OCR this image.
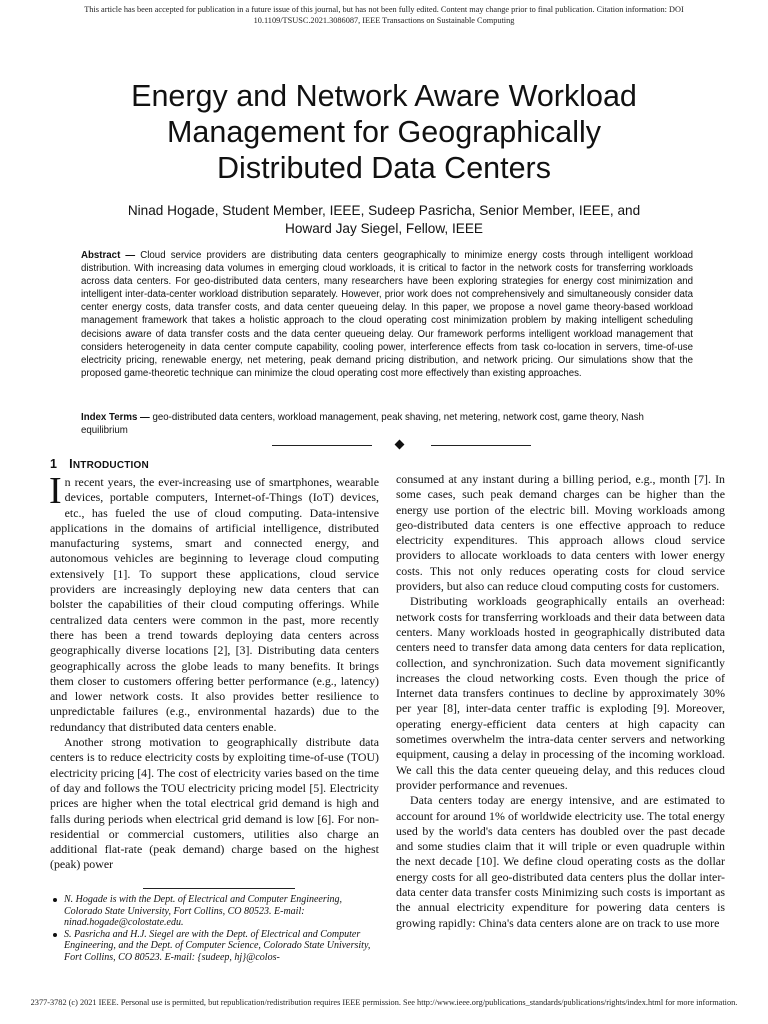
This article has been accepted for publication in a future issue of this journal, but has not been fully edited. Content may change prior to final publication. Citation information: DOI 10.1109/TSUSC.2021.3086087, IEEE Transactions on Sustainable Computing
Energy and Network Aware Workload
Management for Geographically
Distributed Data Centers
Ninad Hogade, Student Member, IEEE, Sudeep Pasricha, Senior Member, IEEE, and
Howard Jay Siegel, Fellow, IEEE
Abstract — Cloud service providers are distributing data centers geographically to minimize energy costs through intelligent workload distribution. With increasing data volumes in emerging cloud workloads, it is critical to factor in the network costs for transferring workloads across data centers. For geo-distributed data centers, many researchers have been exploring strategies for energy cost minimization and intelligent inter-data-center workload distribution separately. However, prior work does not comprehensively and simultaneously consider data center energy costs, data transfer costs, and data center queueing delay. In this paper, we propose a novel game theory-based workload management framework that takes a holistic approach to the cloud operating cost minimization problem by making intelligent scheduling decisions aware of data transfer costs and the data center queueing delay. Our framework performs intelligent workload management that considers heterogeneity in data center compute capability, cooling power, interference effects from task co-location in servers, time-of-use electricity pricing, renewable energy, net metering, peak demand pricing distribution, and network pricing. Our simulations show that the proposed game-theoretic technique can minimize the cloud operating cost more effectively than existing approaches.
Index Terms — geo-distributed data centers, workload management, peak shaving, net metering, network cost, game theory, Nash equilibrium
1 INTRODUCTION

In recent years, the ever-increasing use of smartphones, wearable devices, portable computers, Internet-of-Things (IoT) devices, etc., has fueled the use of cloud computing. Data-intensive applications in the domains of artificial intelligence, distributed manufacturing systems, smart and connected energy, and autonomous vehicles are beginning to leverage cloud computing extensively [1]. To support these applications, cloud service providers are increasingly deploying new data centers that can bolster the capabilities of their cloud computing offerings. While centralized data centers were common in the past, more recently there has been a trend towards deploying data centers across geographically diverse locations [2], [3]. Distributing data centers geographically across the globe leads to many benefits. It brings them closer to customers offering better performance (e.g., latency) and lower network costs. It also provides better resilience to unpredictable failures (e.g., environmental hazards) due to the redundancy that distributed data centers enable.

Another strong motivation to geographically distribute data centers is to reduce electricity costs by exploiting time-of-use (TOU) electricity pricing [4]. The cost of electricity varies based on the time of day and follows the TOU electricity pricing model [5]. Electricity prices are higher when the total electrical grid demand is high and falls during periods when electrical grid demand is low [6]. For non-residential or commercial customers, utilities also charge an additional flat-rate (peak demand) charge based on the highest (peak) power

consumed at any instant during a billing period, e.g., month [7]. In some cases, such peak demand charges can be higher than the energy use portion of the electric bill. Moving workloads among geo-distributed data centers is one effective approach to reduce electricity expenditures. This approach allows cloud service providers to allocate workloads to data centers with lower energy costs. This not only reduces operating costs for cloud service providers, but also can reduce cloud computing costs for customers.

Distributing workloads geographically entails an overhead: network costs for transferring workloads and their data between data centers. Many workloads hosted in geographically distributed data centers need to transfer data among data centers for data replication, collection, and synchronization. Such data movement significantly increases the cloud networking costs. Even though the price of Internet data transfers continues to decline by approximately 30% per year [8], inter-data center traffic is exploding [9]. Moreover, operating energy-efficient data centers at high capacity can sometimes overwhelm the intra-data center servers and networking equipment, causing a delay in processing of the incoming workload. We call this the data center queueing delay, and this reduces cloud provider performance and revenues.

Data centers today are energy intensive, and are estimated to account for around 1% of worldwide electricity use. The total energy used by the world's data centers has doubled over the past decade and some studies claim that it will triple or even quadruple within the next decade [10]. We define cloud operating costs as the dollar energy costs for all geo-distributed data centers plus the dollar inter-data center data transfer costs Minimizing such costs is important as the annual electricity expenditure for powering data centers is growing rapidly: China's data centers alone are on track to use more

N. Hogade is with the Dept. of Electrical and Computer Engineering, Colorado State University, Fort Collins, CO 80523. E-mail: ninad.hogade@colostate.edu.

S. Pasricha and H.J. Siegel are with the Dept. of Electrical and Computer Engineering, and the Dept. of Computer Science, Colorado State University, Fort Collins, CO 80523. E-mail: {sudeep, hj}@colos-

2377-3782 (c) 2021 IEEE. Personal use is permitted, but republication/redistribution requires IEEE permission. See http://www.ieee.org/publications_standards/publications/rights/index.html for more information.
